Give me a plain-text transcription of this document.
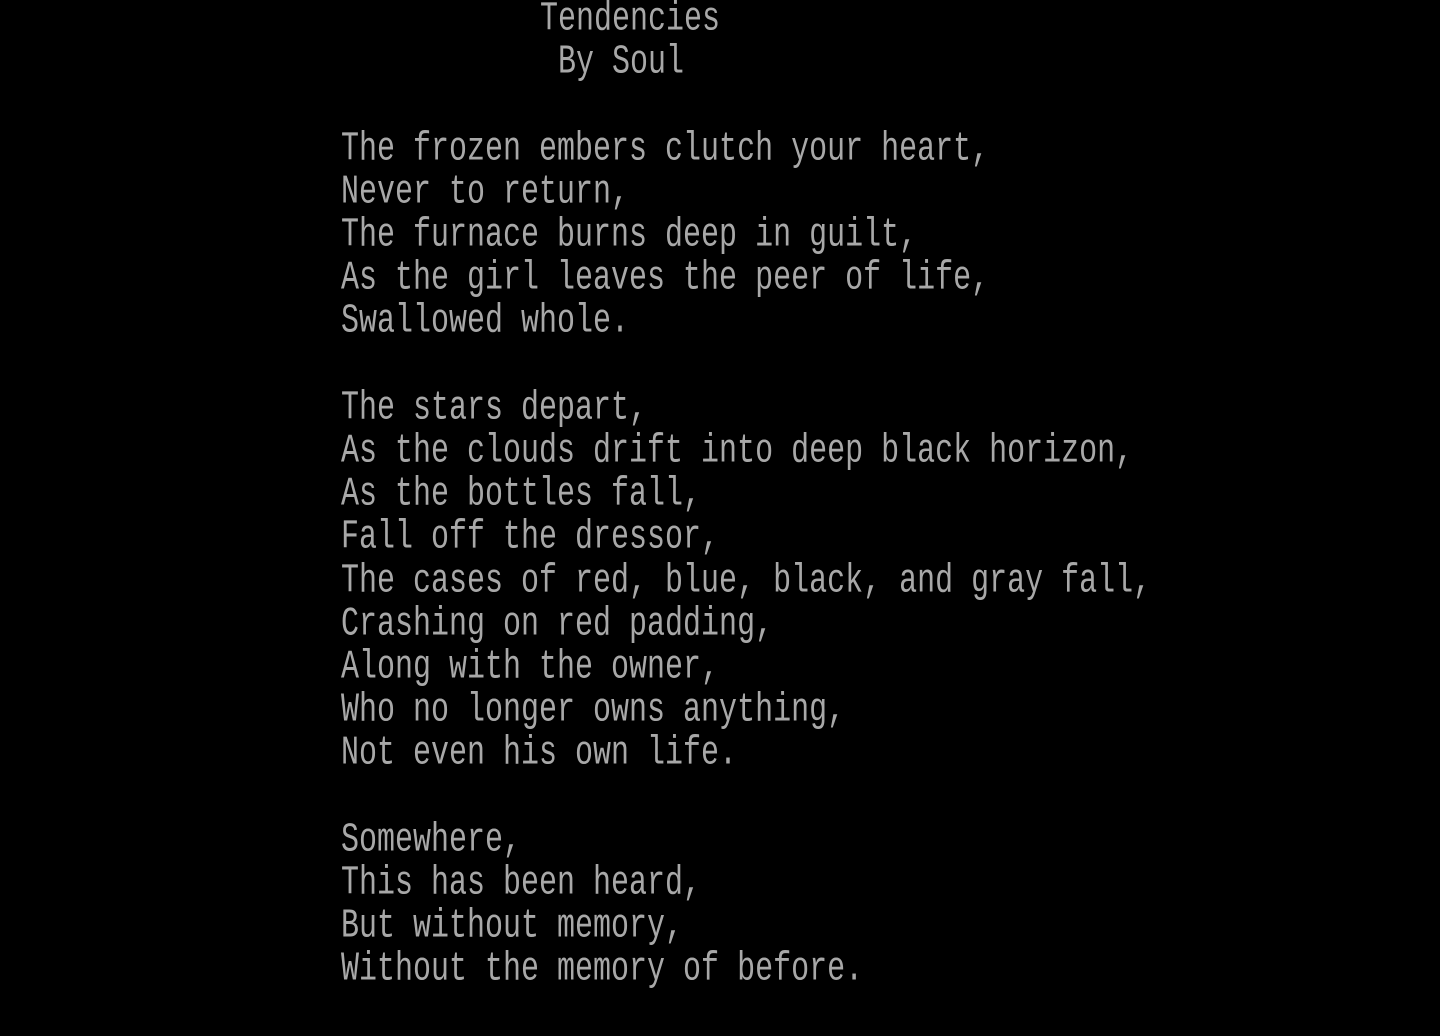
Tendencies
By Soul
The frozen embers clutch your heart,
Never to return,
The furnace burns deep in guilt,
As the girl leaves the peer of life,
Swallowed whole.
The stars depart,
As the clouds drift into deep black horizon,
As the bottles fall,
Fall off the dressor,
The cases of red, blue, black, and gray fall,
Crashing on red padding,
Along with the owner,
Who no longer owns anything,
Not even his own life.
Somewhere,
This has been heard,
But without memory,
Without the memory of before.
